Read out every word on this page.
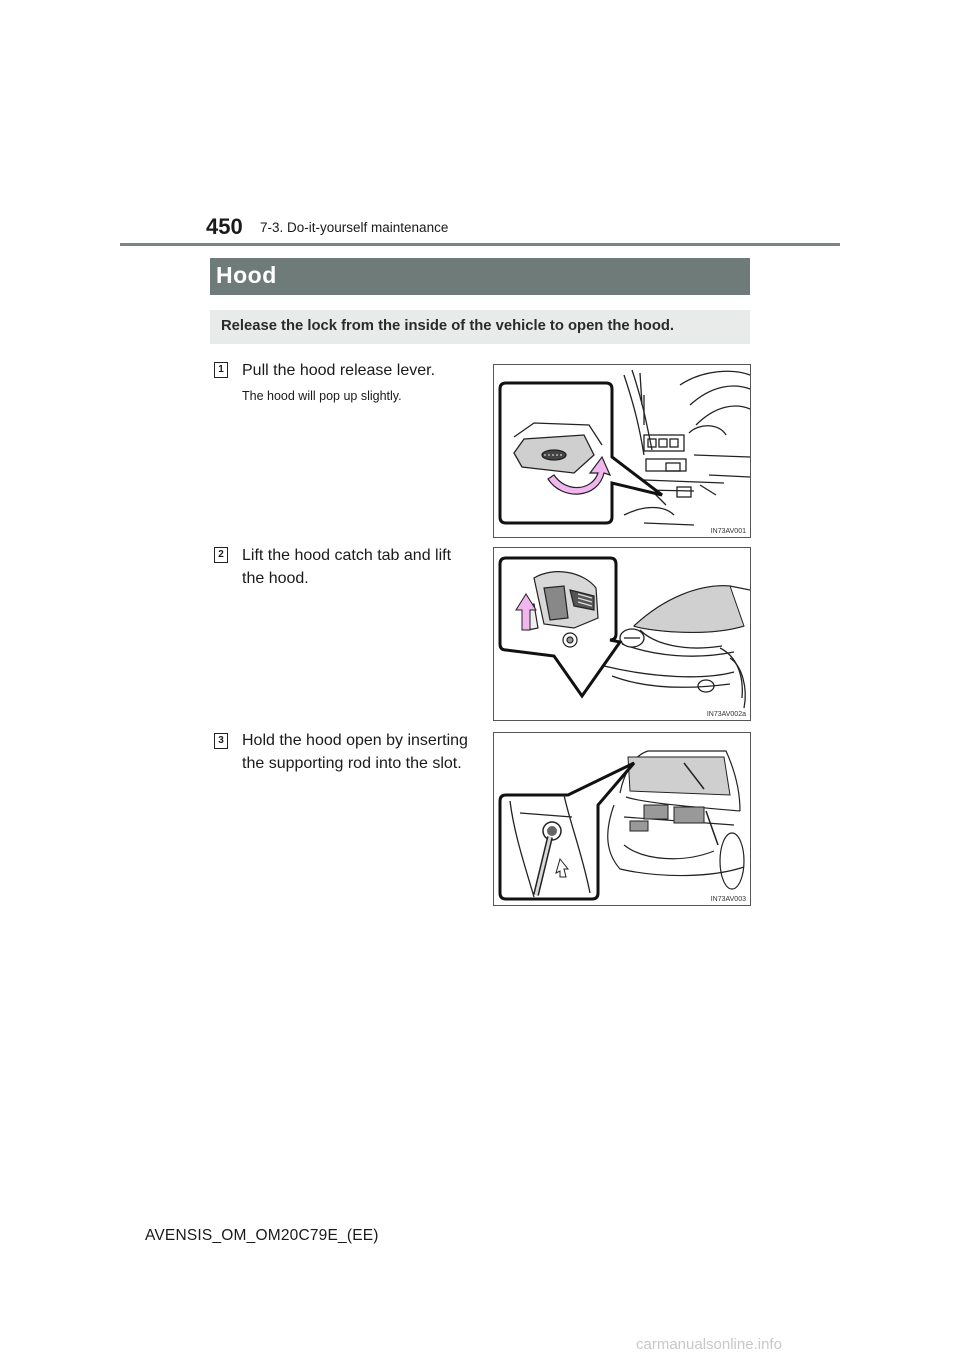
450 7-3. Do-it-yourself maintenance
Hood
Release the lock from the inside of the vehicle to open the hood.
1 Pull the hood release lever.
The hood will pop up slightly.
IN73AV001
2 Lift the hood catch tab and lift
the hood.
IN73AV002a
3 Hold the hood open by inserting
the supporting rod into the slot.
IN73AV003
AVENSIS_OM_OM20C79E_(EE)
carmanualsonline.info
